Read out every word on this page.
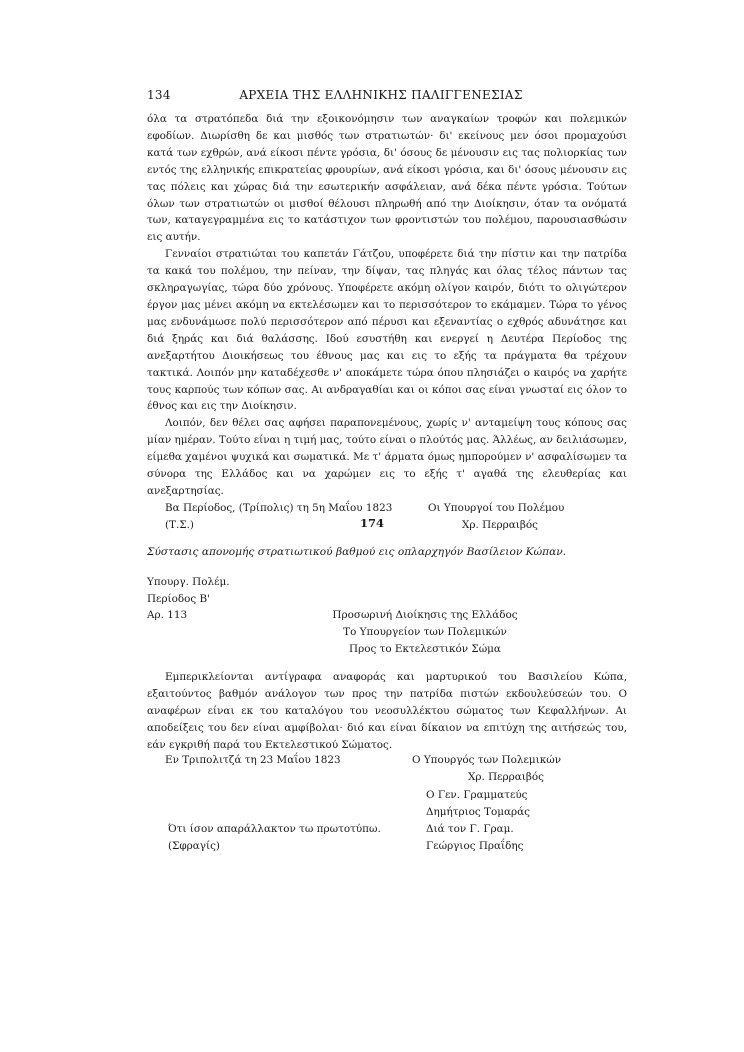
134	ΑΡΧΕΙΑ ΤΗΣ ΕΛΛΗΝΙΚΗΣ ΠΑΛΙΓΓΕΝΕΣΙΑΣ

όλα τα στρατόπεδα διά την εξοικονόμησιν των αναγκαίων τροφών και πολεμικών εφοδίων. Διωρίσθη δε και μισθός των στρατιωτών· δι' εκείνους μεν όσοι προμαχούσι κατά των εχθρών, ανά είκοσι πέντε γρόσια, δι' όσους δε μένουσιν εις τας πολιορκίας των εντός της ελληνικής επικρατείας φρουρίων, ανά είκοσι γρόσια, και δι' όσους μένουσιν εις τας πόλεις και χώρας διά την εσωτερικήν ασφάλειαν, ανά δέκα πέντε γρόσια. Τούτων όλων των στρατιωτών οι μισθοί θέλουσι πληρωθή από την Διοίκησιν, όταν τα ονόματά των, καταγεγραμμένα εις το κατάστιχον των φροντιστών του πολέμου, παρουσιασθώσιν εις αυτήν.

Γενναίοι στρατιώται του καπετάν Γάτζου, υποφέρετε διά την πίστιν και την πατρίδα τα κακά του πολέμου, την πείναν, την δίψαν, τας πληγάς και όλας τέλος πάντων τας σκληραγωγίας, τώρα δύο χρόνους. Υποφέρετε ακόμη ολίγον καιρόν, διότι το ολιγώτερον έργον μας μένει ακόμη να εκτελέσωμεν και το περισσότερον το εκάμαμεν. Τώρα το γένος μας ενδυνάμωσε πολύ περισσότερον από πέρυσι και εξεναντίας ο εχθρός αδυνάτησε και διά ξηράς και διά θαλάσσης. Ιδού εσυστήθη και ενεργεί η Δευτέρα Περίοδος της ανεξαρτήτου Διοικήσεως του έθνους μας και εις το εξής τα πράγματα θα τρέχουν τακτικά. Λοιπόν μην καταδέχεσθε ν' αποκάμετε τώρα όπου πλησιάζει ο καιρός να χαρήτε τους καρπούς των κόπων σας. Αι ανδραγαθίαι και οι κόποι σας είναι γνωσταί εις όλον το έθνος και εις την Διοίκησιν.

Λοιπόν, δεν θέλει σας αφήσει παραπονεμένους, χωρίς ν' ανταμείψη τους κόπους σας μίαν ημέραν. Τούτο είναι η τιμή μας, τούτο είναι ο πλούτός μας. Άλλέως, αν δειλιάσωμεν, είμεθα χαμένοι ψυχικά και σωματικά. Με τ' άρματα όμως ημπορούμεν ν' ασφαλίσωμεν τα σύνορα της Ελλάδος και να χαρώμεν εις το εξής τ' αγαθά της ελευθερίας και ανεξαρτησίας.

Βα Περίοδος, (Τρίπολις) τη 5η Μαΐου 1823
(Τ.Σ.)
Οι Υπουργοί του Πολέμου
Χρ. Περραιβός
174
Σύστασις απονομής στρατιωτικού βαθμού εις οπλαρχηγόν Βασίλειον Κώπαν.
Υπουργ. Πολέμ.
Περίοδος Β'
Αρ. 113	Προσωρινή Διοίκησις της Ελλάδος
Το Υπουργείον των Πολεμικών
Προς το Εκτελεστικόν Σώμα

Εμπερικλείονται αντίγραφα αναφοράς και μαρτυρικού του Βασιλείου Κώπα, εξαιτούντος βαθμόν ανάλογον των προς την πατρίδα πιστών εκδουλεύσεών του. Ο αναφέρων είναι εκ του καταλόγου του νεοσυλλέκτου σώματος των Κεφαλλήνων. Αι αποδείξεις του δεν είναι αμφίβολαι· διό και είναι δίκαιον να επιτύχη της αιτήσεώς του, εάν εγκριθή παρά του Εκτελεστικού Σώματος.

Εν Τριπολιτζά τη 23 Μαΐου 1823	Ο Υπουργός των Πολεμικών
Χρ. Περραιβός
Ο Γεν. Γραμματεύς
Δημήτριος Τομαράς
Ότι ίσον απαράλλακτον τω πρωτοτύπω.
(Σφραγίς)
Διά τον Γ. Γραμ.
Γεώργιος Πραΐδης
